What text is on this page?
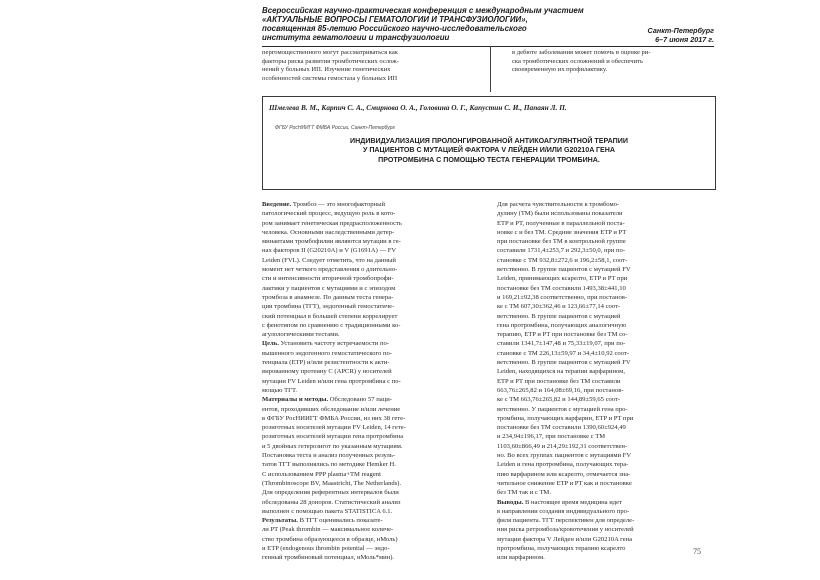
Всероссийская научно-практическая конференция с международным участием
«АКТУАЛЬНЫЕ ВОПРОСЫ ГЕМАТОЛОГИИ И ТРАНСФУЗИОЛОГИИ»,
посвященная 85-летию Российского научно-исследовательского
института гематологии и трансфузиологии
Санкт-Петербург
6–7 июня 2017 г.
пергомощественного могут рассматриваться как
факторы риска развития тромботических ослож-
нений у больных ИП. Изучение генетических
особенностей системы гемостаза у больных ИП
в дебюте заболевания может помочь в оценке ри-
ска тромботических осложнений и обеспечить
своевременную их профилактику.
Шмелева В. М., Карпич С. А., Смирнова О. А., Головина О. Г., Капустин С. И., Папаян Л. П.
ФГБУ РосНИИГТ ФМБА России, Санкт-Петербург
ИНДИВИДУАЛИЗАЦИЯ ПРОЛОНГИРОВАННОЙ АНТИКОАГУЛЯНТНОЙ ТЕРАПИИ
У ПАЦИЕНТОВ С МУТАЦИЕЙ ФАКТОРА V ЛЕЙДЕН И/ИЛИ G20210A ГЕНА
ПРОТРОМБИНА С ПОМОЩЬЮ ТЕСТА ГЕНЕРАЦИИ ТРОМБИНА.
Введение. Тромбоз — это многофакторный
патологический процесс, ведущую роль в кото-
ром занимает генетическая предрасположенность
человека. Основными наследственными детер-
минантами тромбофилии являются мутации в ге-
нах факторов II (G20210A) и V (G1691A) — FV
Leiden (FVL). Следует отметить, что на данный
момент нет четкого представления о длительно-
сти и интенсивности вторичной тромбопрофи-
лактики у пациентов с мутациями и с эпизодом
тромбоза в анамнезе. По данным теста генера-
ции тромбина (ТГТ), эндогенный гемостатиче-
ский потенциал в большей степени коррелирует
с фенотипом по сравнению с традиционными ко-
агулологическими тестами.
Цель. Установить частоту встречаемости по-
вышенного эндогенного гемостатического по-
тенциала (ETP) и/или резистентности к акти-
вированному протеину С (APCR) у носителей
мутации FV Leiden и/или гена протромбина с по-
мощью ТГТ.
Материалы и методы. Обследовано 57 паци-
ентов, проходивших обследование и/или лечение
в ФГБУ РосНИИГТ ФМБА России, из них 38 гете-
розиготных носителей мутации FV Leiden, 14 гете-
розиготных носителей мутации гена протромбина
и 5 двойных гетерозигот по указанным мутациям.
Постановка теста и анализ полученных резуль-
татов ТГТ выполнялись по методике Hemker H.
С использованием PPP plasma+TM reagent
(Thrombinoscope BV, Maastricht, The Netherlands).
Для определения референтных интервалов были
обследованы 28 доноров. Статистический анализ
выполнен с помощью пакета STATISTICA 6.1.
Результаты. В ТГТ оценивались показате-
ли PT (Peak thrombin — максимальное количе-
ство тромбина образующееся в образце, нМоль)
и ETP (endogenous thrombin potential — эндо-
генный тромбиновый потенциал, нМоль*мин).
Для расчета чувствительности к тромбомо-
дулину (ТМ) были использованы показатели
ETP и PT, полученные в параллельной поста-
новке с и без ТМ. Средние значения ETP и PT
при постановке без ТМ в контрольной группе
составили 1731,4±253,7 и 292,3±50,0, при по-
становке с ТМ 932,8±272,6 и 196,2±58,1, соот-
ветственно. В группе пациентов с мутацией FV
Leiden, принимающих ксарелто, ETP и PT при
постановке без ТМ составили 1493,38±441,10
и 169,21±92,38 соответственно, при постанов-
ке с ТМ 607,30±362,46 и 123,66±77,14 соот-
ветственно. В группе пациентов с мутацией
гена протромбина, получающих аналогичную
терапию, ETP и PT при постановке без ТМ со-
ставили 1341,7±147,48 и 75,33±19,07, при по-
становке с ТМ 226,13±59,97 и 34,4±10,92 соот-
ветственно. В группе пациентов с мутацией FV
Leiden, находящихся на терапии варфарином,
ETP и PT при постановке без ТМ составили
663,76±265,82 и 164,08±69,16, при постанов-
ке с ТМ 663,76±265,82 и 144,89±59,65 соот-
ветственно. У пациентов с мутацией гена про-
тромбина, получающих варфарин, ETP и PT при
постановке без ТМ составили 1390,60±924,49
и 234,94±196,17, при постановке с ТМ
1103,60±866,49 и 214,29±192,31 соответствен-
но. Во всех группах пациентов с мутациями FV
Leiden и гена протромбина, получающих тера-
пию варфарином или ксарелто, отмечается зна-
чительное снижение ETP и PT как и постановке
без ТМ так и с ТМ.
Выводы. В настоящее время медицина идет
в направлении создания индивидуального про-
филя пациента. ТГТ перспективен для определе-
ния риска ретромбоза/кровотечения у носителей
мутации фактора V Лейден и/или G20210A гена
протромбина, получающих терапию ксарелто
или варфарином.
75
